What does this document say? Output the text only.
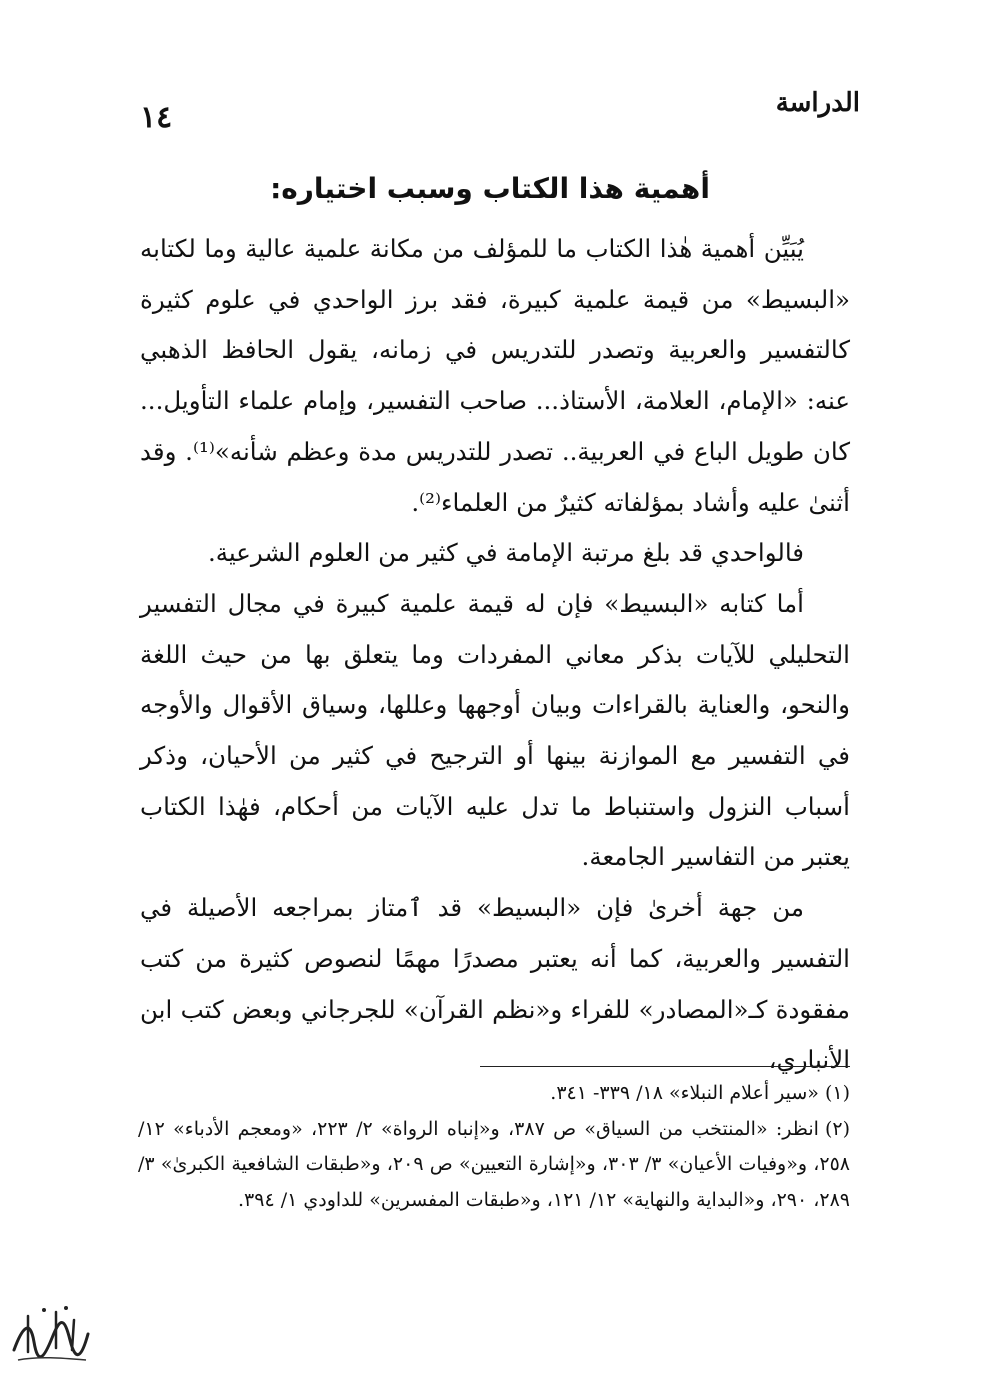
١٤	الدراسة
أهمية هذا الكتاب وسبب اختياره:

يُبَيِّن أهمية هٰذا الكتاب ما للمؤلف من مكانة علمية عالية وما لكتابه «البسيط» من قيمة علمية كبيرة، فقد برز الواحدي في علوم كثيرة كالتفسير والعربية وتصدر للتدريس في زمانه، يقول الحافظ الذهبي عنه: «الإمام، العلامة، الأستاذ... صاحب التفسير، وإمام علماء التأويل... كان طويل الباع في العربية.. تصدر للتدريس مدة وعظم شأنه»⁽¹⁾. وقد أثنىٰ عليه وأشاد بمؤلفاته كثيرٌ من العلماء⁽²⁾.

فالواحدي قد بلغ مرتبة الإمامة في كثير من العلوم الشرعية.

أما كتابه «البسيط» فإن له قيمة علمية كبيرة في مجال التفسير التحليلي للآيات بذكر معاني المفردات وما يتعلق بها من حيث اللغة والنحو، والعناية بالقراءات وبيان أوجهها وعللها، وسياق الأقوال والأوجه في التفسير مع الموازنة بينها أو الترجيح في كثير من الأحيان، وذكر أسباب النزول واستنباط ما تدل عليه الآيات من أحكام، فهٰذا الكتاب يعتبر من التفاسير الجامعة.

من جهة أخرىٰ فإن «البسيط» قد ٱمتاز بمراجعه الأصيلة في التفسير والعربية، كما أنه يعتبر مصدرًا مهمًا لنصوص كثيرة من كتب مفقودة كـ«المصادر» للفراء و«نظم القرآن» للجرجاني وبعض كتب ابن الأنباري،

(١)«سير أعلام النبلاء» ١٨/ ٣٣٩- ٣٤١.

(٢)انظر: «المنتخب من السياق» ص ٣٨٧، و«إنباه الرواة» ٢/ ٢٢٣، «ومعجم الأدباء» ١٢/ ٢٥٨، و«وفيات الأعيان» ٣/ ٣٠٣، و«إشارة التعيين» ص ٢٠٩، و«طبقات الشافعية الكبرىٰ» ٣/ ٢٨٩، ٢٩٠، و«البداية والنهاية» ١٢/ ١٢١، و«طبقات المفسرين» للداودي ١/ ٣٩٤.
